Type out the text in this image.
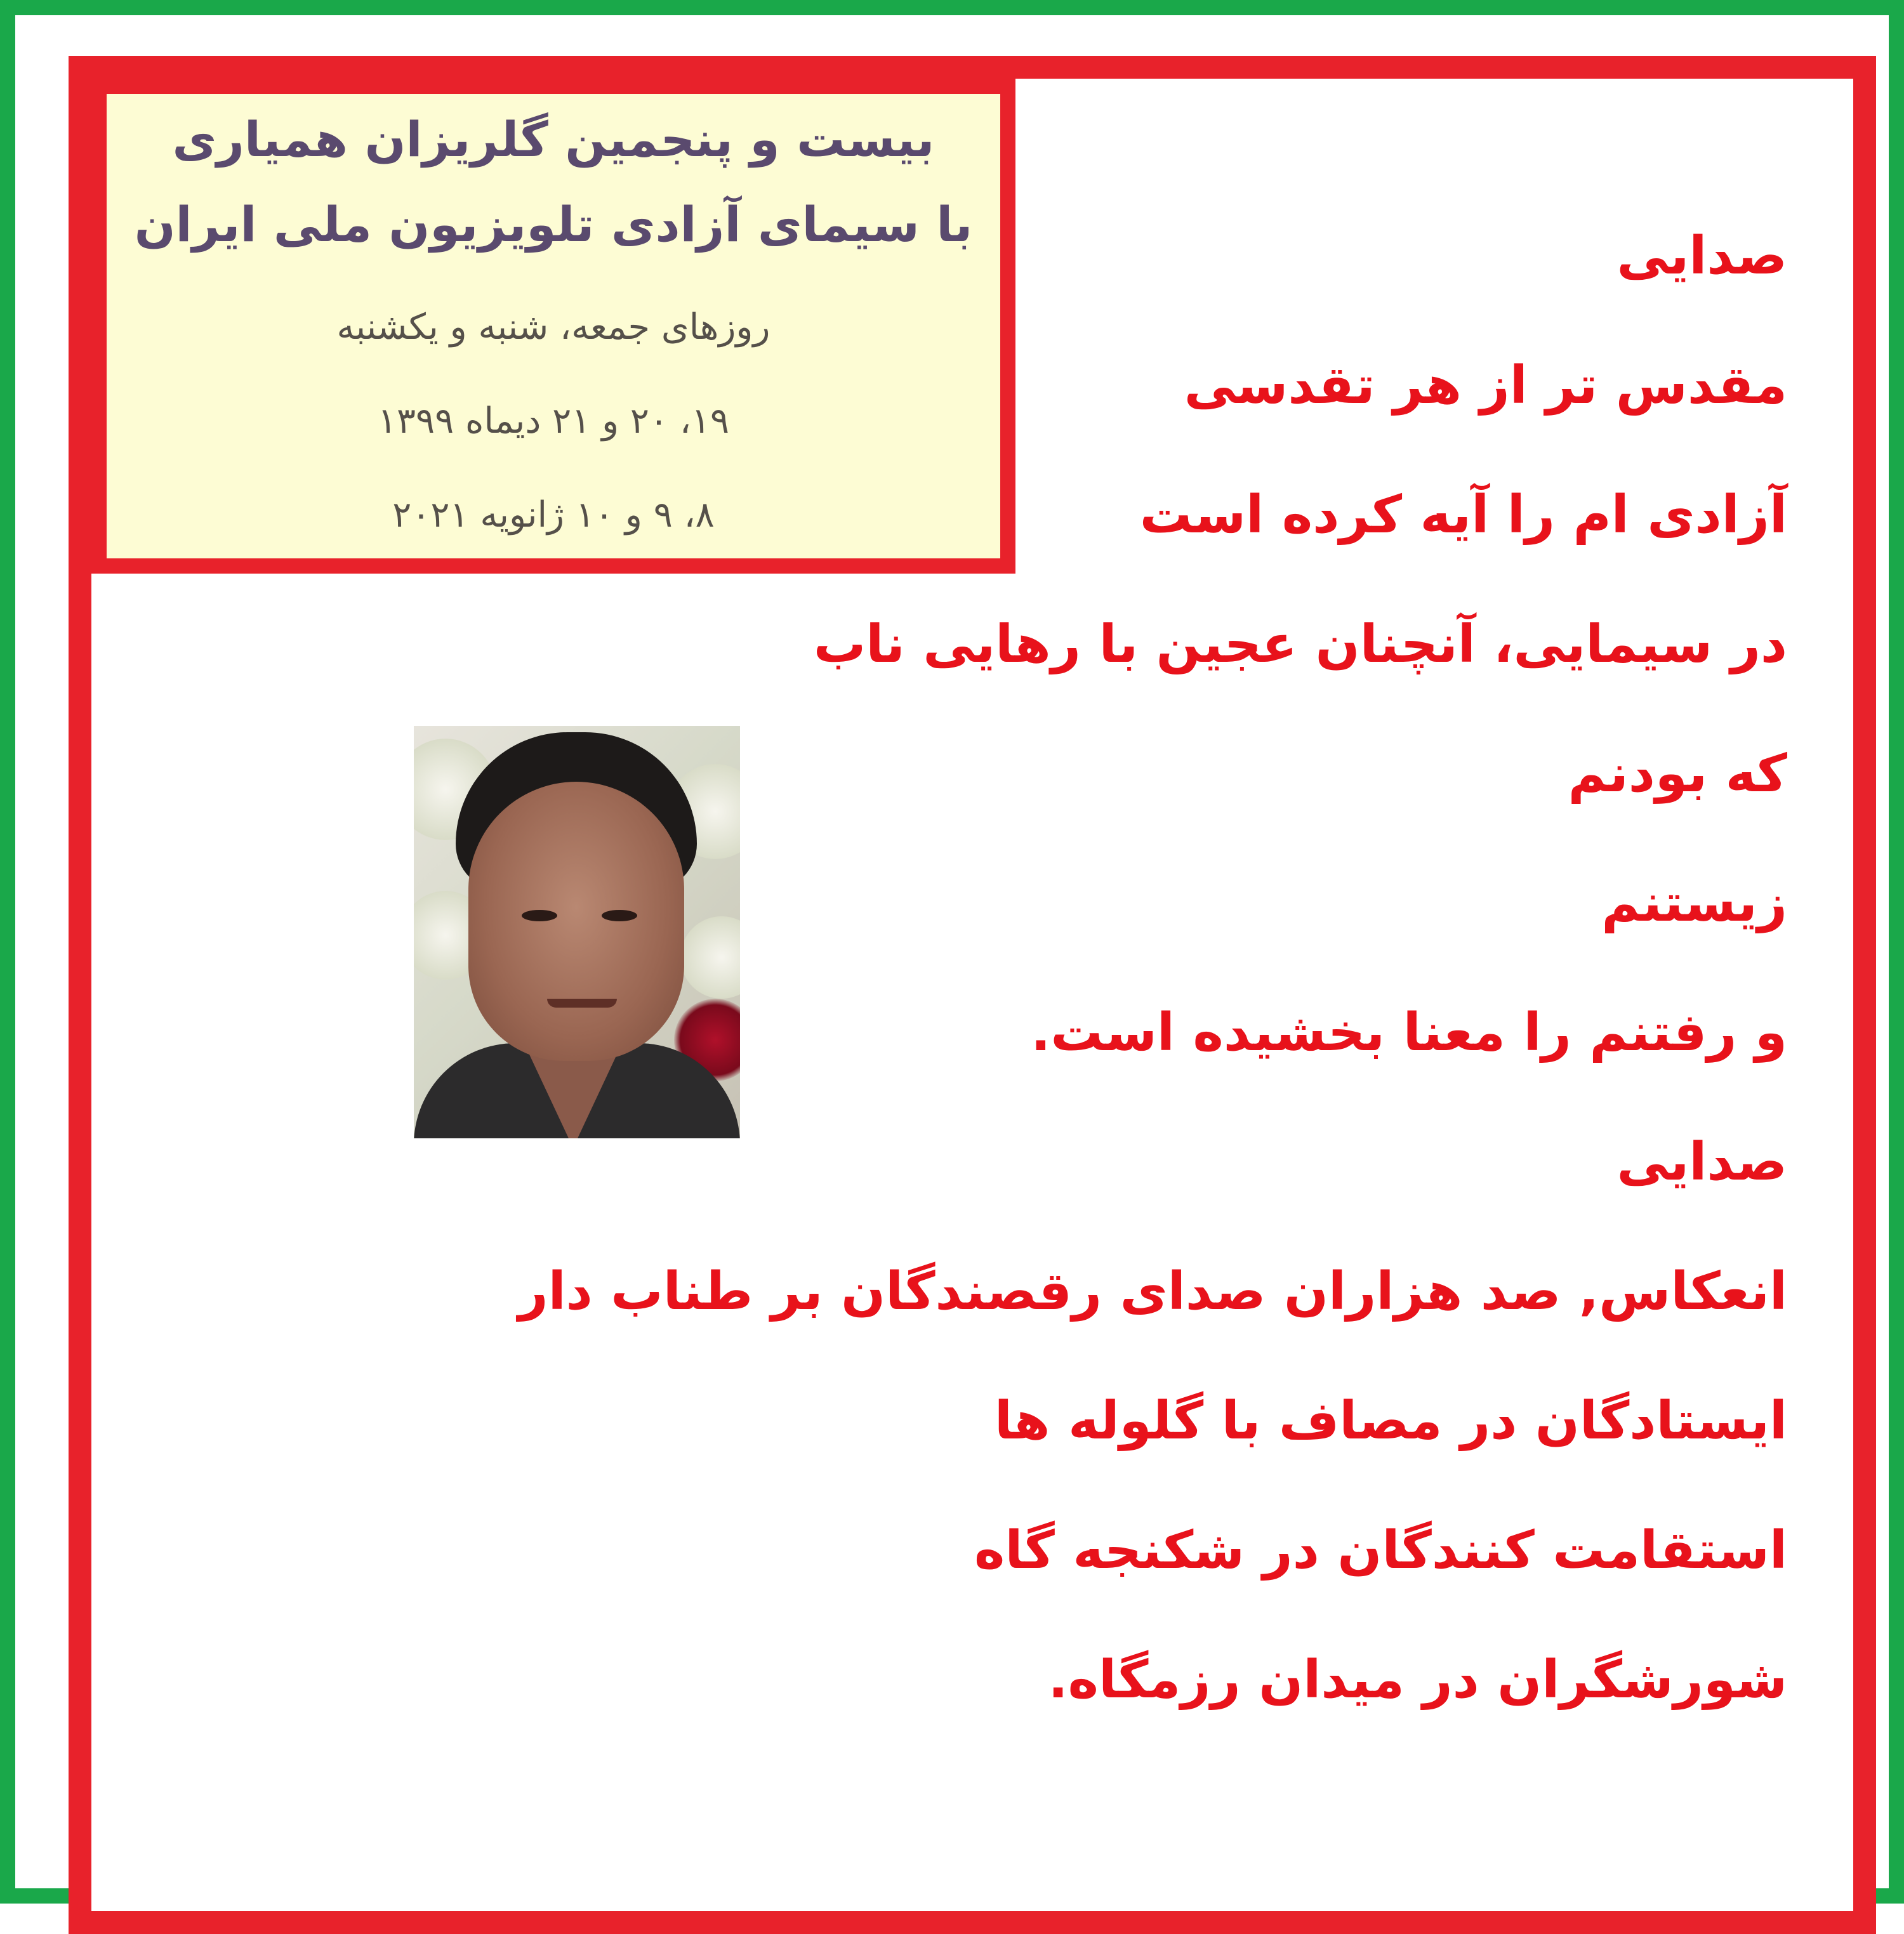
بیست و پنجمین گلریزان همیاری
با سیمای آزادی تلویزیون ملی ایران
روزهای جمعه، شنبه و یکشنبه
۱۹، ۲۰ و ۲۱ دیماه ۱۳۹۹
۸، ۹ و ۱۰ ژانویه ۲۰۲۱
صدایی
مقدس تر از هر تقدسی
آزادی ام را آیه کرده است
در سیمایی، آنچنان عجین با رهایی ناب
که بودنم
زیستنم
و رفتنم را معنا بخشیده است.
صدایی
انعکاس, صد هزاران صدای رقصندگان بر طناب دار
ایستادگان در مصاف با گلوله ها
استقامت کنندگان در شکنجه گاه
شورشگران در میدان رزمگاه.
